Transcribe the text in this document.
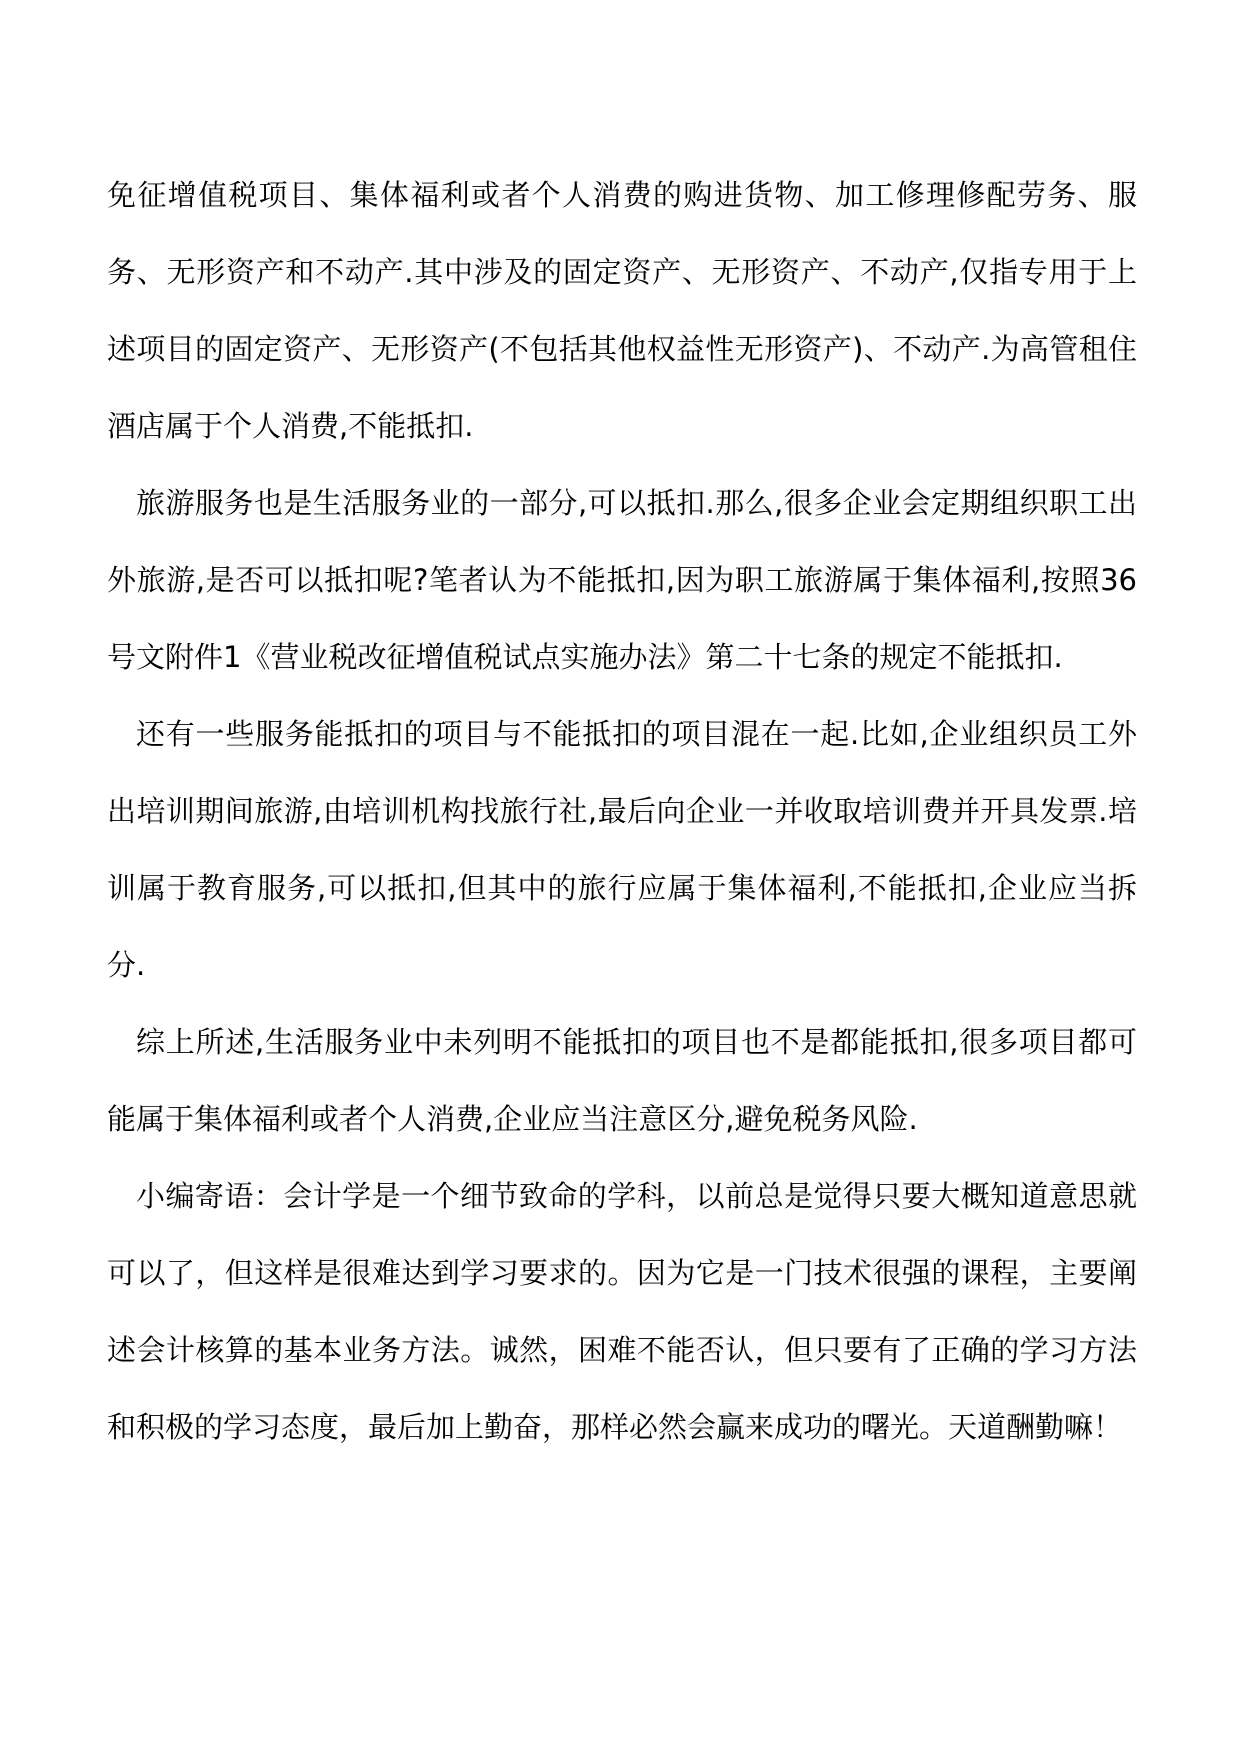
免征增值税项目、集体福利或者个人消费的购进货物、加工修理修配劳务、服务、无形资产和不动产.其中涉及的固定资产、无形资产、不动产,仅指专用于上述项目的固定资产、无形资产(不包括其他权益性无形资产)、不动产.为高管租住酒店属于个人消费,不能抵扣.

旅游服务也是生活服务业的一部分,可以抵扣.那么,很多企业会定期组织职工出外旅游,是否可以抵扣呢?笔者认为不能抵扣,因为职工旅游属于集体福利,按照36号文附件1《营业税改征增值税试点实施办法》第二十七条的规定不能抵扣.

还有一些服务能抵扣的项目与不能抵扣的项目混在一起.比如,企业组织员工外出培训期间旅游,由培训机构找旅行社,最后向企业一并收取培训费并开具发票.培训属于教育服务,可以抵扣,但其中的旅行应属于集体福利,不能抵扣,企业应当拆分.

综上所述,生活服务业中未列明不能抵扣的项目也不是都能抵扣,很多项目都可能属于集体福利或者个人消费,企业应当注意区分,避免税务风险.

小编寄语：会计学是一个细节致命的学科，以前总是觉得只要大概知道意思就可以了，但这样是很难达到学习要求的。因为它是一门技术很强的课程，主要阐述会计核算的基本业务方法。诚然，困难不能否认，但只要有了正确的学习方法和积极的学习态度，最后加上勤奋，那样必然会赢来成功的曙光。天道酬勤嘛！
